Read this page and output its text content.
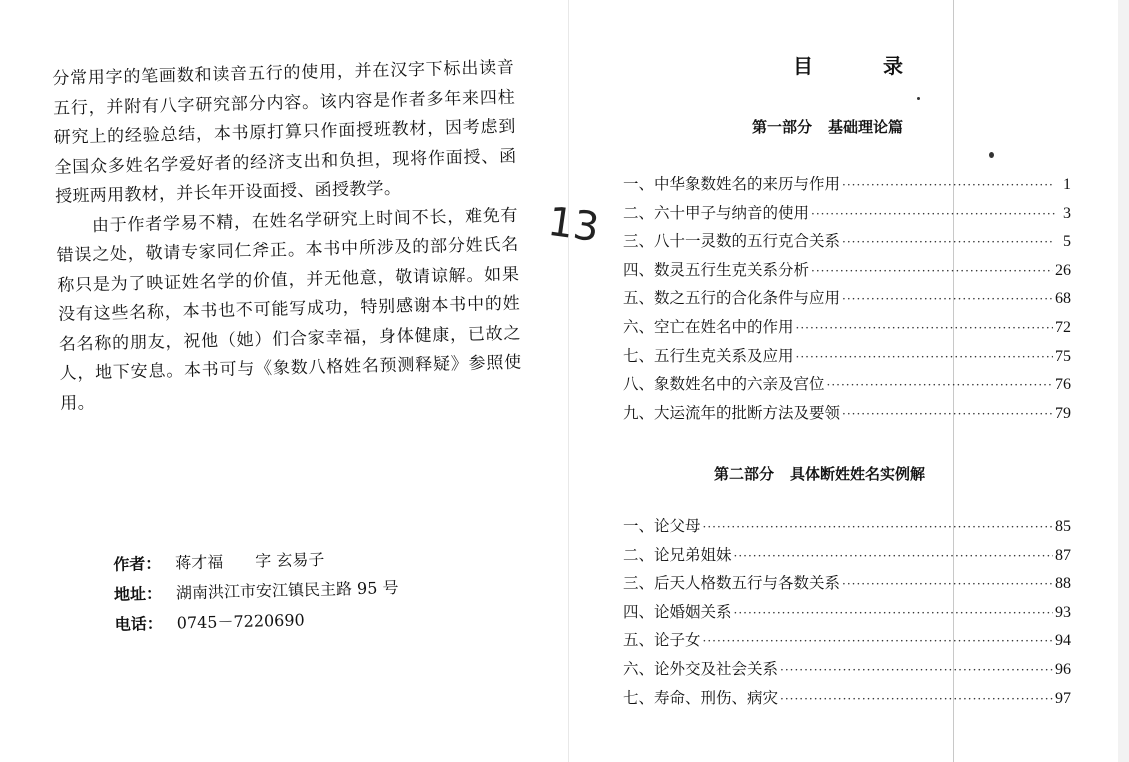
分常用字的笔画数和读音五行的使用，并在汉字下标出读音五行，并附有八字研究部分内容。该内容是作者多年来四柱研究上的经验总结，本书原打算只作面授班教材，因考虑到全国众多姓名学爱好者的经济支出和负担，现将作面授、函授班两用教材，并长年开设面授、函授教学。

由于作者学易不精，在姓名学研究上时间不长，难免有错误之处，敬请专家同仁斧正。本书中所涉及的部分姓氏名称只是为了映证姓名学的价值，并无他意，敬请谅解。如果没有这些名称，本书也不可能写成功，特别感谢本书中的姓名名称的朋友，祝他（她）们合家幸福，身体健康，已故之人，地下安息。本书可与《象数八格姓名预测释疑》参照使用。

作者： 蒋才福　　字 玄易子
地址： 湖南洪江市安江镇民主路 95 号
电话： 0745－7220690
13
目	录
第一部分 基础理论篇
一、中华象数姓名的来历与作用 ·····	1
二、六十甲子与纳音的使用 ·····	3
三、八十一灵数的五行克合关系 ·····	5
四、数灵五行生克关系分析 ·····	26
五、数之五行的合化条件与应用 ·····	68
六、空亡在姓名中的作用 ·····	72
七、五行生克关系及应用 ·····	75
八、象数姓名中的六亲及宫位 ·····	76
九、大运流年的批断方法及要领 ·····	79
第二部分 具体断姓姓名实例解
一、论父母 ·····	85
二、论兄弟姐妹 ·····	87
三、后天人格数五行与各数关系 ·····	88
四、论婚姻关系 ·····	93
五、论子女 ·····	94
六、论外交及社会关系 ·····	96
七、寿命、刑伤、病灾 ·····	97
